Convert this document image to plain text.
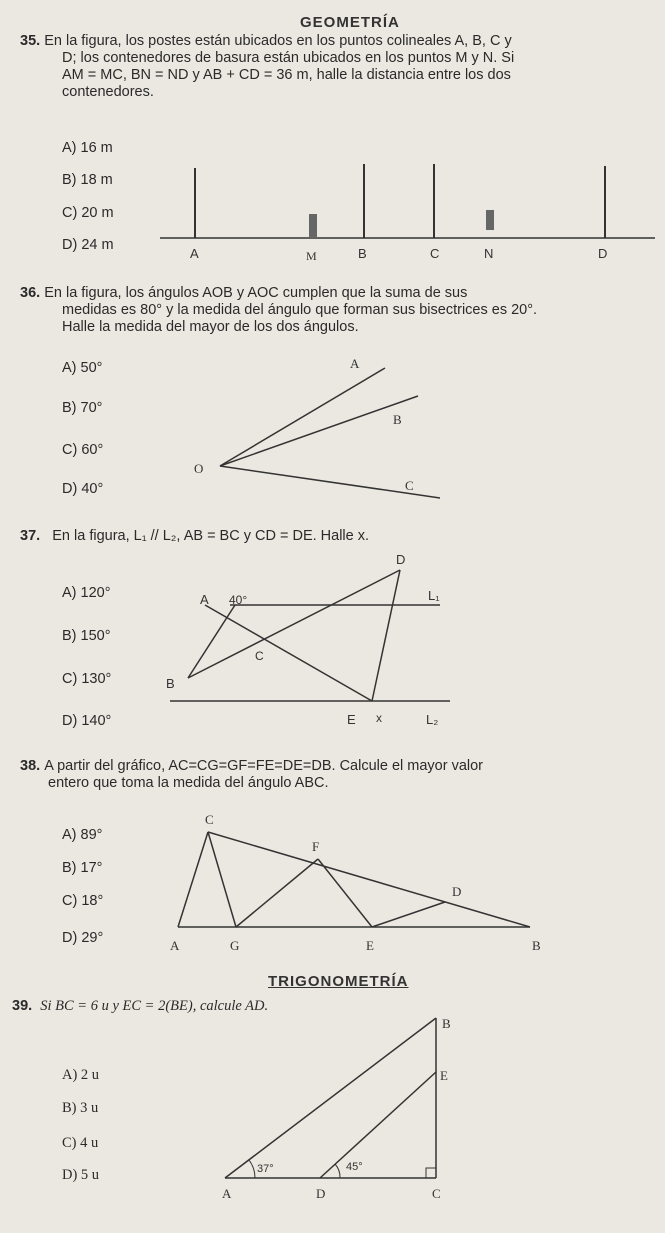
GEOMETRÍA
35. En la figura, los postes están ubicados en los puntos colineales A, B, C y
D; los contenedores de basura están ubicados en los puntos M y N. Si
AM = MC, BN = ND y AB + CD = 36 m, halle la distancia entre los dos
contenedores.
A) 16 m
B) 18 m
C) 20 m
D) 24 m
A	M	B	C	N	D
36. En la figura, los ángulos AOB y AOC cumplen que la suma de sus
medidas es 80° y la medida del ángulo que forman sus bisectrices es 20°.
Halle la medida del mayor de los dos ángulos.
A) 50°
B) 70°
C) 60°
D) 40°
A
B
O
C
37. En la figura, L₁ // L₂, AB = BC y CD = DE. Halle x.
A) 120°
B) 150°
C) 130°
D) 140°
D
A 40°	L₁
C
B
E x	L₂
38. A partir del gráfico, AC=CG=GF=FE=DE=DB. Calcule el mayor valor
entero que toma la medida del ángulo ABC.
A) 89°
B) 17°
C) 18°
D) 29°
C
F
D
A	G	E	B
TRIGONOMETRÍA
39. Si BC = 6 u y EC = 2(BE), calcule AD.
A) 2 u
B) 3 u
C) 4 u
D) 5 u
B
E
37°	45°
A	D	C
